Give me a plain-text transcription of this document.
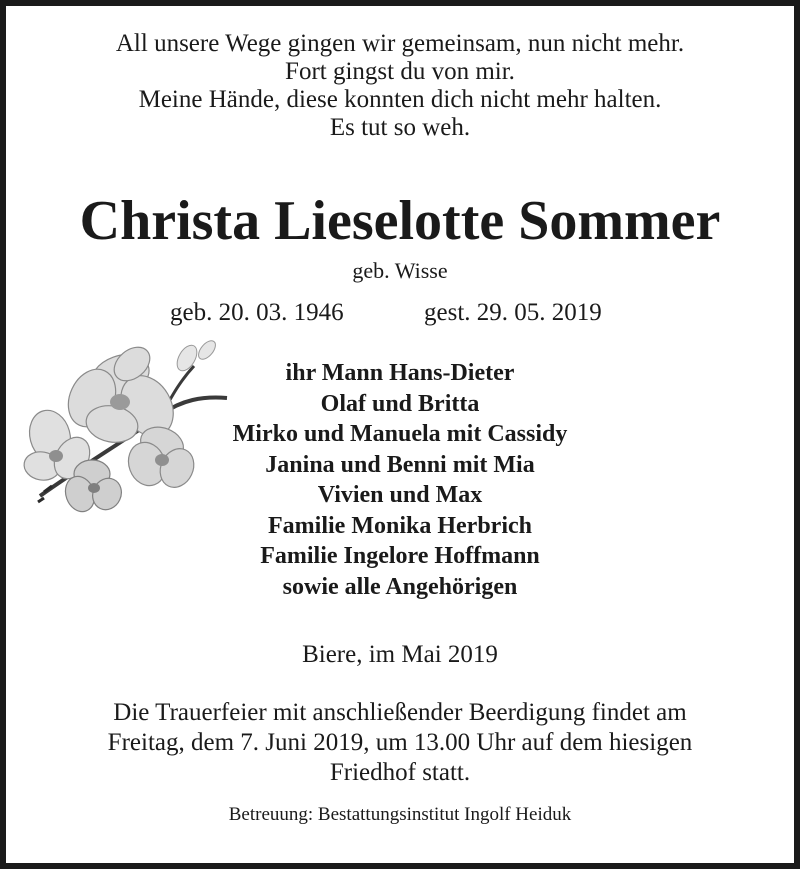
All unsere Wege gingen wir gemeinsam, nun nicht mehr.
Fort gingst du von mir.
Meine Hände, diese konnten dich nicht mehr halten.
Es tut so weh.
Christa Lieselotte Sommer
geb. Wisse
geb. 20. 03. 1946	gest. 29. 05. 2019
ihr Mann Hans-Dieter
Olaf und Britta
Mirko und Manuela mit Cassidy
Janina und Benni mit Mia
Vivien und Max
Familie Monika Herbrich
Familie Ingelore Hoffmann
sowie alle Angehörigen
Biere, im Mai 2019
Die Trauerfeier mit anschließender Beerdigung findet am
Freitag, dem 7. Juni 2019, um 13.00 Uhr auf dem hiesigen
Friedhof statt.
Betreuung: Bestattungsinstitut Ingolf Heiduk
